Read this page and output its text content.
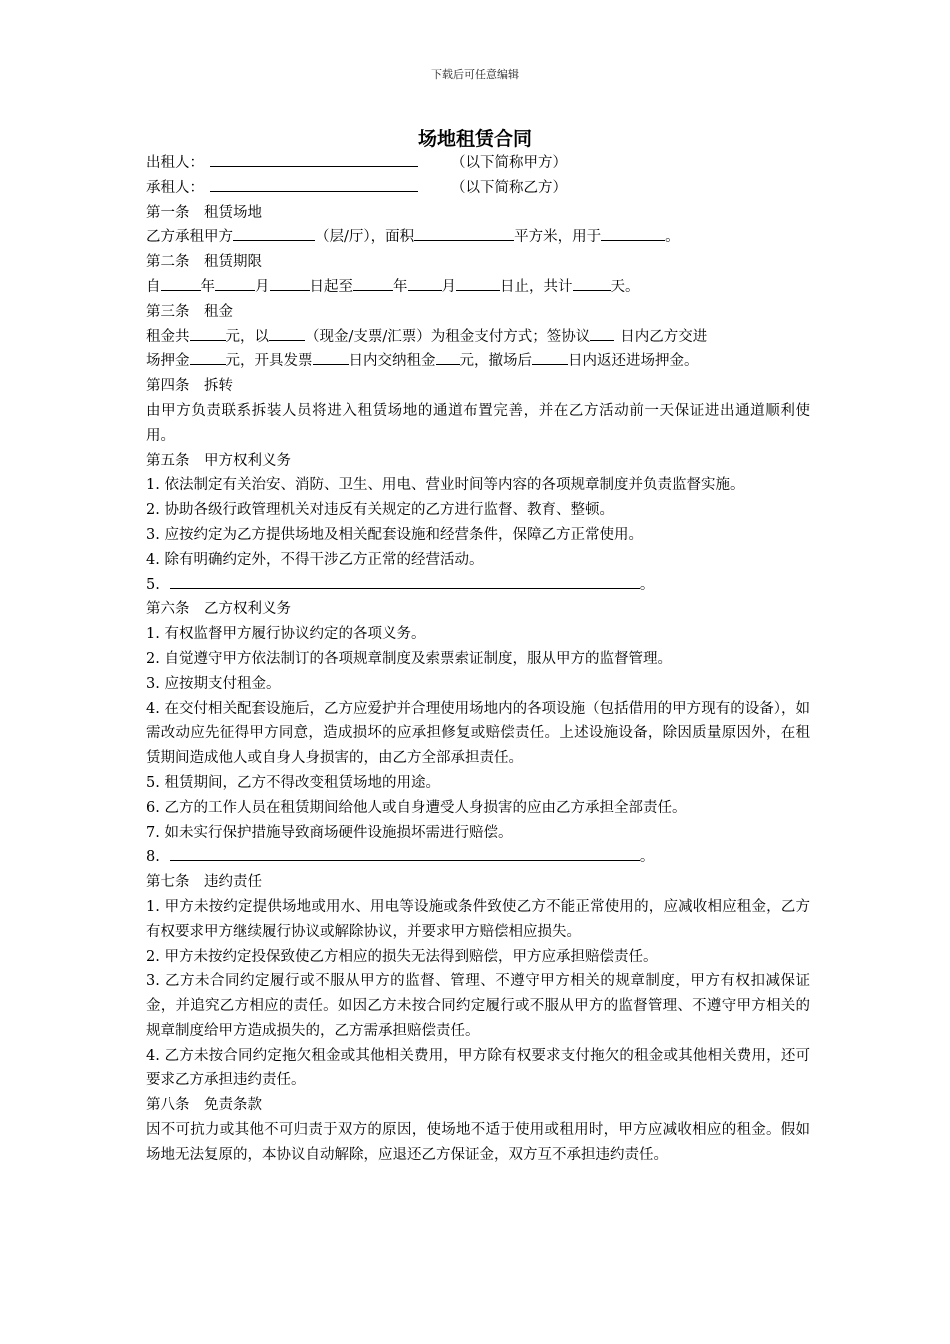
下载后可任意编辑
场地租赁合同
出租人：	（以下简称甲方）
承租人：	（以下简称乙方）
第一条　租赁场地
乙方承租甲方	（层/厅），面积	平方米，用于	。
第二条　租赁期限
自	年	月	日起至	年 月	日止，共计	天。
第三条　租金
租金共 元，以 （现金/支票/汇票）为租金支付方式；签协议 日内乙方交进
场押金 元，开具发票 日内交纳租金 元，撤场后 日内返还进场押金。
第四条　拆转
由甲方负责联系拆装人员将进入租赁场地的通道布置完善，并在乙方活动前一天保证进出通道顺利使用。
第五条　甲方权利义务
1. 依法制定有关治安、消防、卫生、用电、营业时间等内容的各项规章制度并负责监督实施。
2. 协助各级行政管理机关对违反有关规定的乙方进行监督、教育、整顿。
3. 应按约定为乙方提供场地及相关配套设施和经营条件，保障乙方正常使用。
4. 除有明确约定外，不得干涉乙方正常的经营活动。
5.	。
第六条　乙方权利义务
1. 有权监督甲方履行协议约定的各项义务。
2. 自觉遵守甲方依法制订的各项规章制度及索票索证制度，服从甲方的监督管理。
3. 应按期支付租金。
4. 在交付相关配套设施后，乙方应爱护并合理使用场地内的各项设施（包括借用的甲方现有的设备），如需改动应先征得甲方同意，造成损坏的应承担修复或赔偿责任。上述设施设备，除因质量原因外，在租赁期间造成他人或自身人身损害的，由乙方全部承担责任。
5. 租赁期间，乙方不得改变租赁场地的用途。
6. 乙方的工作人员在租赁期间给他人或自身遭受人身损害的应由乙方承担全部责任。
7. 如未实行保护措施导致商场硬件设施损坏需进行赔偿。
8.	。
第七条　违约责任
1. 甲方未按约定提供场地或用水、用电等设施或条件致使乙方不能正常使用的，应减收相应租金，乙方有权要求甲方继续履行协议或解除协议，并要求甲方赔偿相应损失。
2. 甲方未按约定投保致使乙方相应的损失无法得到赔偿，甲方应承担赔偿责任。
3. 乙方未合同约定履行或不服从甲方的监督、管理、不遵守甲方相关的规章制度，甲方有权扣减保证金，并追究乙方相应的责任。如因乙方未按合同约定履行或不服从甲方的监督管理、不遵守甲方相关的规章制度给甲方造成损失的，乙方需承担赔偿责任。
4. 乙方未按合同约定拖欠租金或其他相关费用，甲方除有权要求支付拖欠的租金或其他相关费用，还可要求乙方承担违约责任。
第八条　免责条款
因不可抗力或其他不可归责于双方的原因，使场地不适于使用或租用时，甲方应减收相应的租金。假如场地无法复原的，本协议自动解除，应退还乙方保证金，双方互不承担违约责任。
